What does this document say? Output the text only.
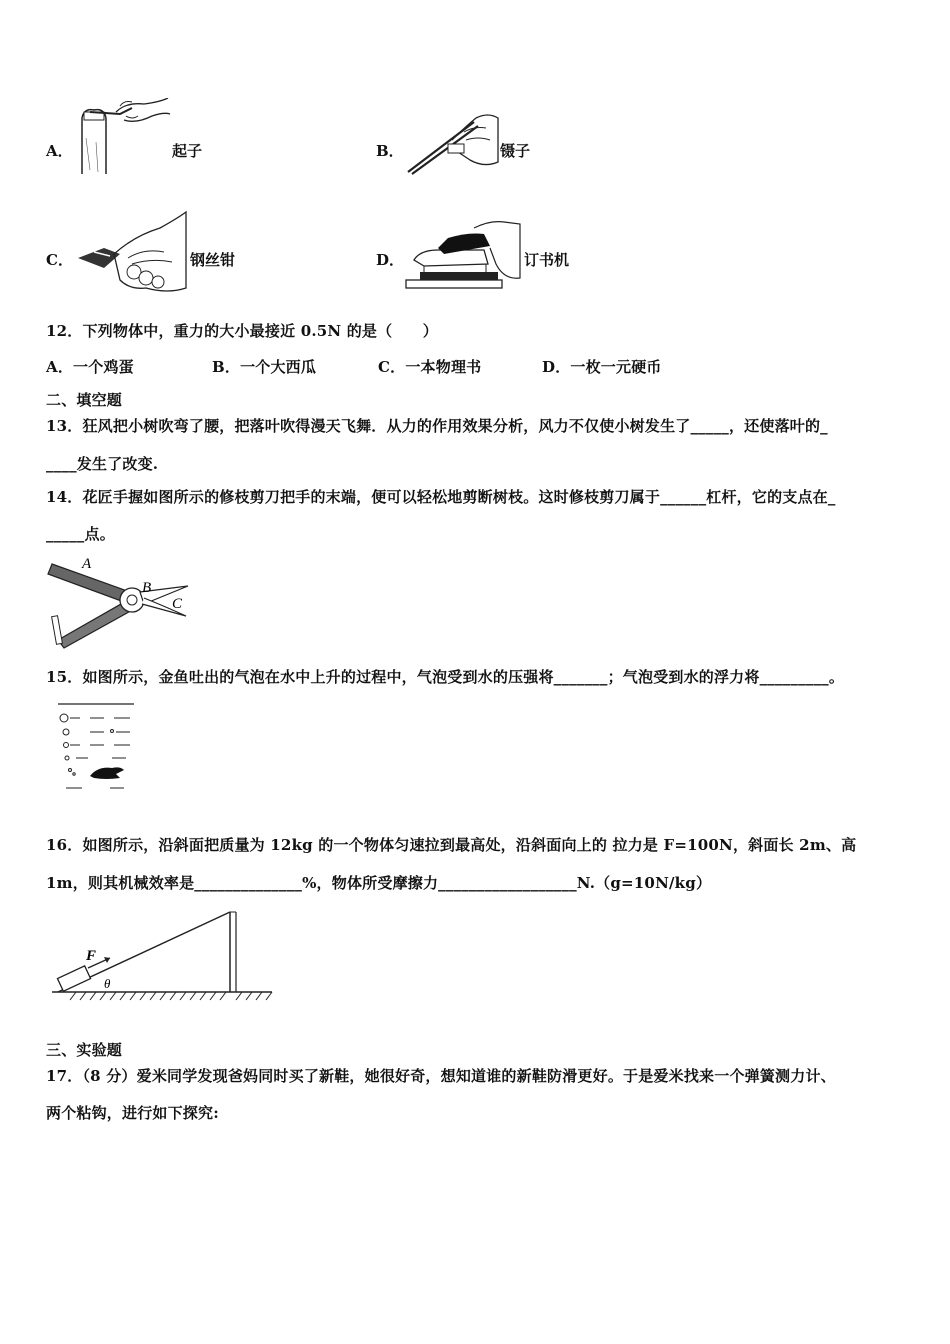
A．	起子	B．	镊子
C．	钢丝钳	D．	订书机
12．下列物体中，重力的大小最接近 0.5N 的是（　　）
A．一个鸡蛋	B．一个大西瓜	C．一本物理书	D．一枚一元硬币
二、填空题
13．狂风把小树吹弯了腰，把落叶吹得漫天飞舞．从力的作用效果分析，风力不仅使小树发生了_____，还使落叶的_
____发生了改变.
14．花匠手握如图所示的修枝剪刀把手的末端，便可以轻松地剪断树枝。这时修枝剪刀属于______杠杆，它的支点在_
_____点。
A
B
C
15．如图所示，金鱼吐出的气泡在水中上升的过程中，气泡受到水的压强将_______；气泡受到水的浮力将_________。
16．如图所示，沿斜面把质量为 12kg 的一个物体匀速拉到最高处，沿斜面向上的 拉力是 F=100N，斜面长 2m、高
1m，则其机械效率是______________%，物体所受摩擦力__________________N.（g=10N/kg）
F
θ
三、实验题
17．（8 分）爱米同学发现爸妈同时买了新鞋，她很好奇，想知道谁的新鞋防滑更好。于是爱米找来一个弹簧测力计、
两个粘钩，进行如下探究:
